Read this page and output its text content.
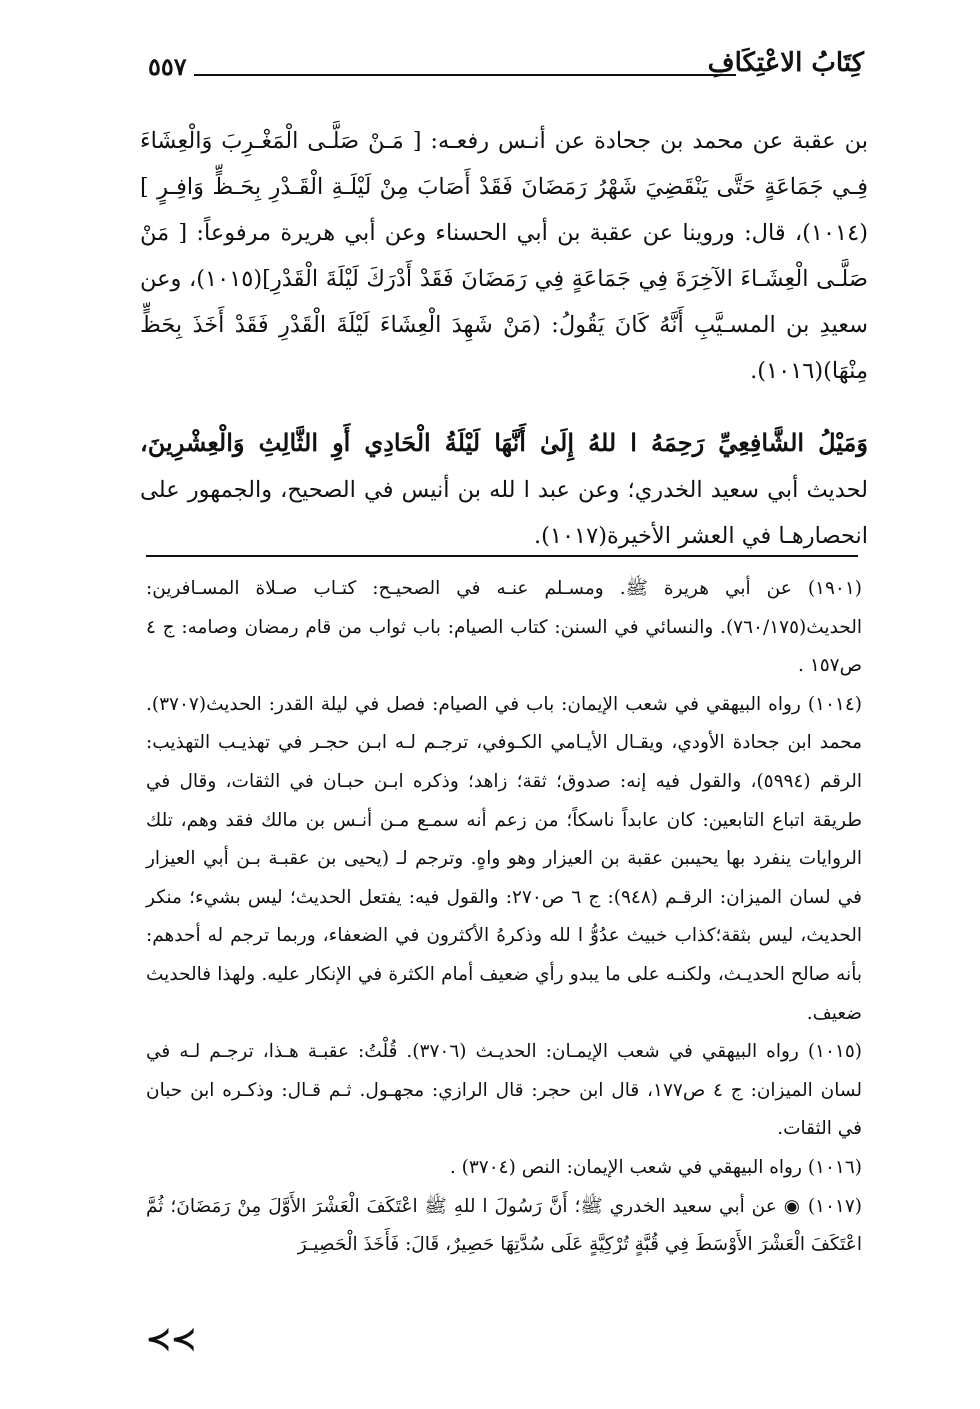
كِتَابُ الاعْتِكَافِ
٥٥٧

بن عقبة عن محمد بن جحادة عن أنـس رفعـه: [ مَـنْ صَلَّـى الْمَغْـرِبَ وَالْعِشَاءَ فِـي جَمَاعَةٍ حَتَّى يَنْقَضِيَ شَهْرُ رَمَضَانَ فَقَدْ أَصَابَ مِنْ لَيْلَـةِ الْقَـدْرِ بِحَـظٍّ وَافِـرٍ ](١٠١٤)، قال: وروينا عن عقبة بن أبي الحسناء وعن أبي هريرة مرفوعاً: [ مَنْ صَلَّـى الْعِشَـاءَ الآخِرَةَ فِي جَمَاعَةٍ فِي رَمَضَانَ فَقَدْ أَدْرَكَ لَيْلَةَ الْقَدْرِ](١٠١٥)، وعن سعيدِ بن المسـيَّبِ أَنَّهُ كَانَ يَقُولُ: (مَنْ شَهِدَ الْعِشَاءَ لَيْلَةَ الْقَدْرِ فَقَدْ أَخَذَ بِحَظٍّ مِنْهَا)(١٠١٦).

وَمَيْلُ الشَّافِعِيِّ رَحِمَهُ ا للهُ إِلَىٰ أَنَّهَا لَيْلَةُ الْحَادِي أَوِ الثَّالِثِ وَالْعِشْرِينَ، لحديث أبي سعيد الخدري؛ وعن عبد ا لله بن أنيس في الصحيح، والجمهور على انحصارهـا في العشر الأخيرة(١٠١٧).

(١٩٠١) عن أبي هريرة ﷺ. ومسـلم عنـه في الصحيـح: كتـاب صـلاة المسـافرين: الحديث(٧٦٠/١٧٥). والنسائي في السنن: كتاب الصيام: باب ثواب من قام رمضان وصامه: ج ٤ ص١٥٧ .

(١٠١٤) رواه البيهقي في شعب الإيمان: باب في الصيام: فصل في ليلة القدر: الحديث(٣٧٠٧). محمد ابن جحادة الأودي، ويقـال الأيـامي الكـوفي، ترجـم لـه ابـن حجـر في تهذيـب التهذيب: الرقم (٥٩٩٤)، والقول فيه إنه: صدوق؛ ثقة؛ زاهد؛ وذكره ابـن حبـان في الثقات، وقال في طريقة اتباع التابعين: كان عابداً ناسكاً؛ من زعم أنه سمـع مـن أنـس بن مالك فقد وهم، تلك الروايات ينفرد بها يحيىبن عقبة بن العيزار وهو واهٍ. وترجم لـ (يحيى بن عقبـة بـن أبي العيزار في لسان الميزان: الرقـم (٩٤٨): ج ٦ ص٢٧٠: والقول فيه: يفتعل الحديث؛ ليس بشيء؛ منكر الحديث، ليس بثقة؛كذاب خبيث عدُوُّ ا لله وذكرهُ الأكثرون في الضعفاء، وربما ترجم له أحدهم: بأنه صالح الحديـث، ولكنـه على ما يبدو رأي ضعيف أمام الكثرة في الإنكار عليه. ولهذا فالحديث ضعيف.

(١٠١٥) رواه البيهقي في شعب الإيمـان: الحديـث (٣٧٠٦). قُلْتُ: عقبـة هـذا، ترجـم لـه في لسان الميزان: ج ٤ ص١٧٧، قال ابن حجر: قال الرازي: مجهـول. ثـم قـال: وذكـره ابن حبان في الثقات.

(١٠١٦) رواه البيهقي في شعب الإيمان: النص (٣٧٠٤) .

(١٠١٧) ◉ عن أبي سعيد الخدري ﷺ؛ أَنَّ رَسُولَ ا للهِ ﷺ اعْتَكَفَ الْعَشْرَ الأَوَّلَ مِنْ رَمَضَانَ؛ ثُمَّ اعْتَكَفَ الْعَشْرَ الأَوْسَطَ فِي قُبَّةٍ تُرْكِيَّةٍ عَلَى سُدَّتِهَا حَصِيرٌ، قَالَ: فَأَخَذَ الْحَصِيـرَ

≺≺
